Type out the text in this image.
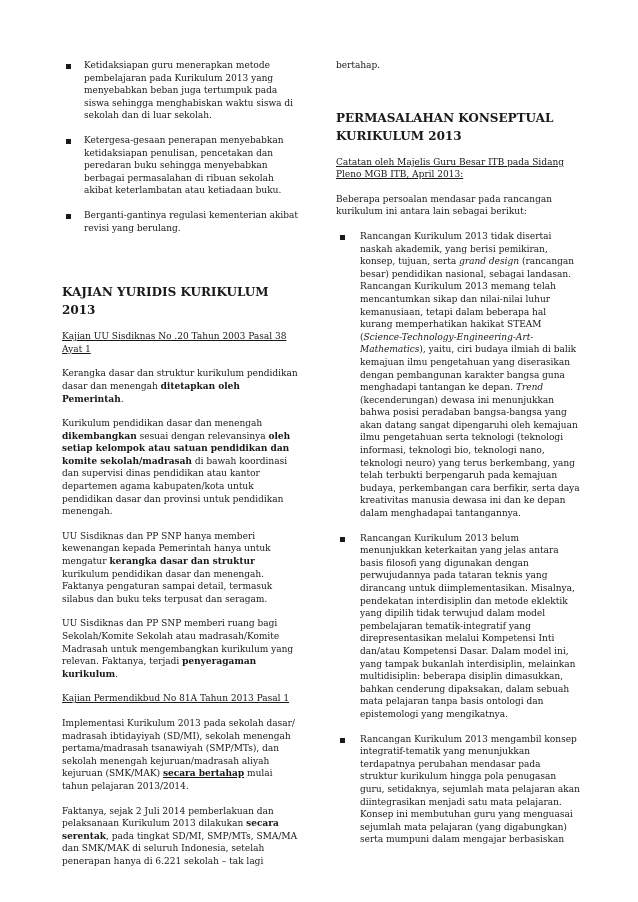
Ketidaksiapan guru menerapkan metode pembelajaran pada Kurikulum 2013 yang menyebabkan beban juga tertumpuk pada siswa sehingga menghabiskan waktu siswa di sekolah dan di luar sekolah.
Ketergesa-gesaan penerapan menyebabkan ketidaksiapan penulisan, pencetakan dan peredaran buku sehingga menyebabkan berbagai permasalahan di ribuan sekolah akibat keterlambatan atau ketiadaan buku.
Berganti-gantinya regulasi kementerian akibat revisi yang berulang.
KAJIAN YURIDIS KURIKULUM 2013

Kajian UU Sisdiknas No .20 Tahun 2003 Pasal 38 Ayat 1

Kerangka dasar dan struktur kurikulum pendidikan dasar dan menengah ditetapkan oleh Pemerintah.

Kurikulum pendidikan dasar dan menengah dikembangkan sesuai dengan relevansinya oleh setiap kelompok atau satuan pendidikan dan komite sekolah/madrasah di bawah koordinasi dan supervisi dinas pendidikan atau kantor departemen agama kabupaten/kota untuk pendidikan dasar dan provinsi untuk pendidikan menengah.

UU Sisdiknas dan PP SNP hanya memberi kewenangan kepada Pemerintah hanya untuk mengatur kerangka dasar dan struktur kurikulum pendidikan dasar dan menengah. Faktanya pengaturan sampai detail, termasuk silabus dan buku teks terpusat dan seragam.

UU Sisdiknas dan PP SNP memberi ruang bagi Sekolah/Komite Sekolah atau madrasah/Komite Madrasah untuk mengembangkan kurikulum yang relevan. Faktanya, terjadi penyeragaman kurikulum.

Kajian Permendikbud No 81A Tahun 2013 Pasal 1

Implementasi Kurikulum 2013 pada sekolah dasar/ madrasah ibtidayiyah (SD/MI), sekolah menengah pertama/madrasah tsanawiyah (SMP/MTs), dan sekolah menengah kejuruan/madrasah aliyah kejuruan (SMK/MAK) secara bertahap mulai tahun pelajaran 2013/2014.

Faktanya, sejak 2 Juli 2014 pemberlakuan dan pelaksanaan Kurikulum 2013 dilakukan secara serentak, pada tingkat SD/MI, SMP/MTs, SMA/MA dan SMK/MAK di seluruh Indonesia, setelah penerapan hanya di 6.221 sekolah – tak lagi

bertahap.

PERMASALAHAN KONSEPTUAL KURIKULUM 2013

Catatan oleh Majelis Guru Besar ITB pada Sidang Pleno MGB ITB, April 2013:

Beberapa persoalan mendasar pada rancangan kurikulum ini antara lain sebagai berikut:

Rancangan Kurikulum 2013 tidak disertai naskah akademik, yang berisi pemikiran, konsep, tujuan, serta grand design (rancangan besar) pendidikan nasional, sebagai landasan. Rancangan Kurikulum 2013 memang telah mencantumkan sikap dan nilai-nilai luhur kemanusiaan, tetapi dalam beberapa hal kurang memperhatikan hakikat STEAM (Science-Technology-Engineering-Art-Mathematics), yaitu, ciri budaya ilmiah di balik kemajuan ilmu pengetahuan yang diserasikan dengan pembangunan karakter bangsa guna menghadapi tantangan ke depan. Trend (kecenderungan) dewasa ini menunjukkan bahwa posisi peradaban bangsa-bangsa yang akan datang sangat dipengaruhi oleh kemajuan ilmu pengetahuan serta teknologi (teknologi informasi, teknologi bio, teknologi nano, teknologi neuro) yang terus berkembang, yang telah terbukti berpengaruh pada kemajuan budaya, perkembangan cara berfikir, serta daya kreativitas manusia dewasa ini dan ke depan dalam menghadapai tantangannya.
Rancangan Kurikulum 2013 belum menunjukkan keterkaitan yang jelas antara basis filosofi yang digunakan dengan perwujudannya pada tataran teknis yang dirancang untuk diimplementasikan. Misalnya, pendekatan interdisiplin dan metode eklektik yang dipilih tidak terwujud dalam model pembelajaran tematik-integratif yang direpresentasikan melalui Kompetensi Inti dan/atau Kompetensi Dasar. Dalam model ini, yang tampak bukanlah interdisiplin, melainkan multidisiplin: beberapa disiplin dimasukkan, bahkan cenderung dipaksakan, dalam sebuah mata pelajaran tanpa basis ontologi dan epistemologi yang mengikatnya.
Rancangan Kurikulum 2013 mengambil konsep integratif-tematik yang menunjukkan terdapatnya perubahan mendasar pada struktur kurikulum hingga pola penugasan guru, setidaknya, sejumlah mata pelajaran akan diintegrasikan menjadi satu mata pelajaran. Konsep ini membutuhan guru yang menguasai sejumlah mata pelajaran (yang digabungkan) serta mumpuni dalam mengajar berbasiskan
